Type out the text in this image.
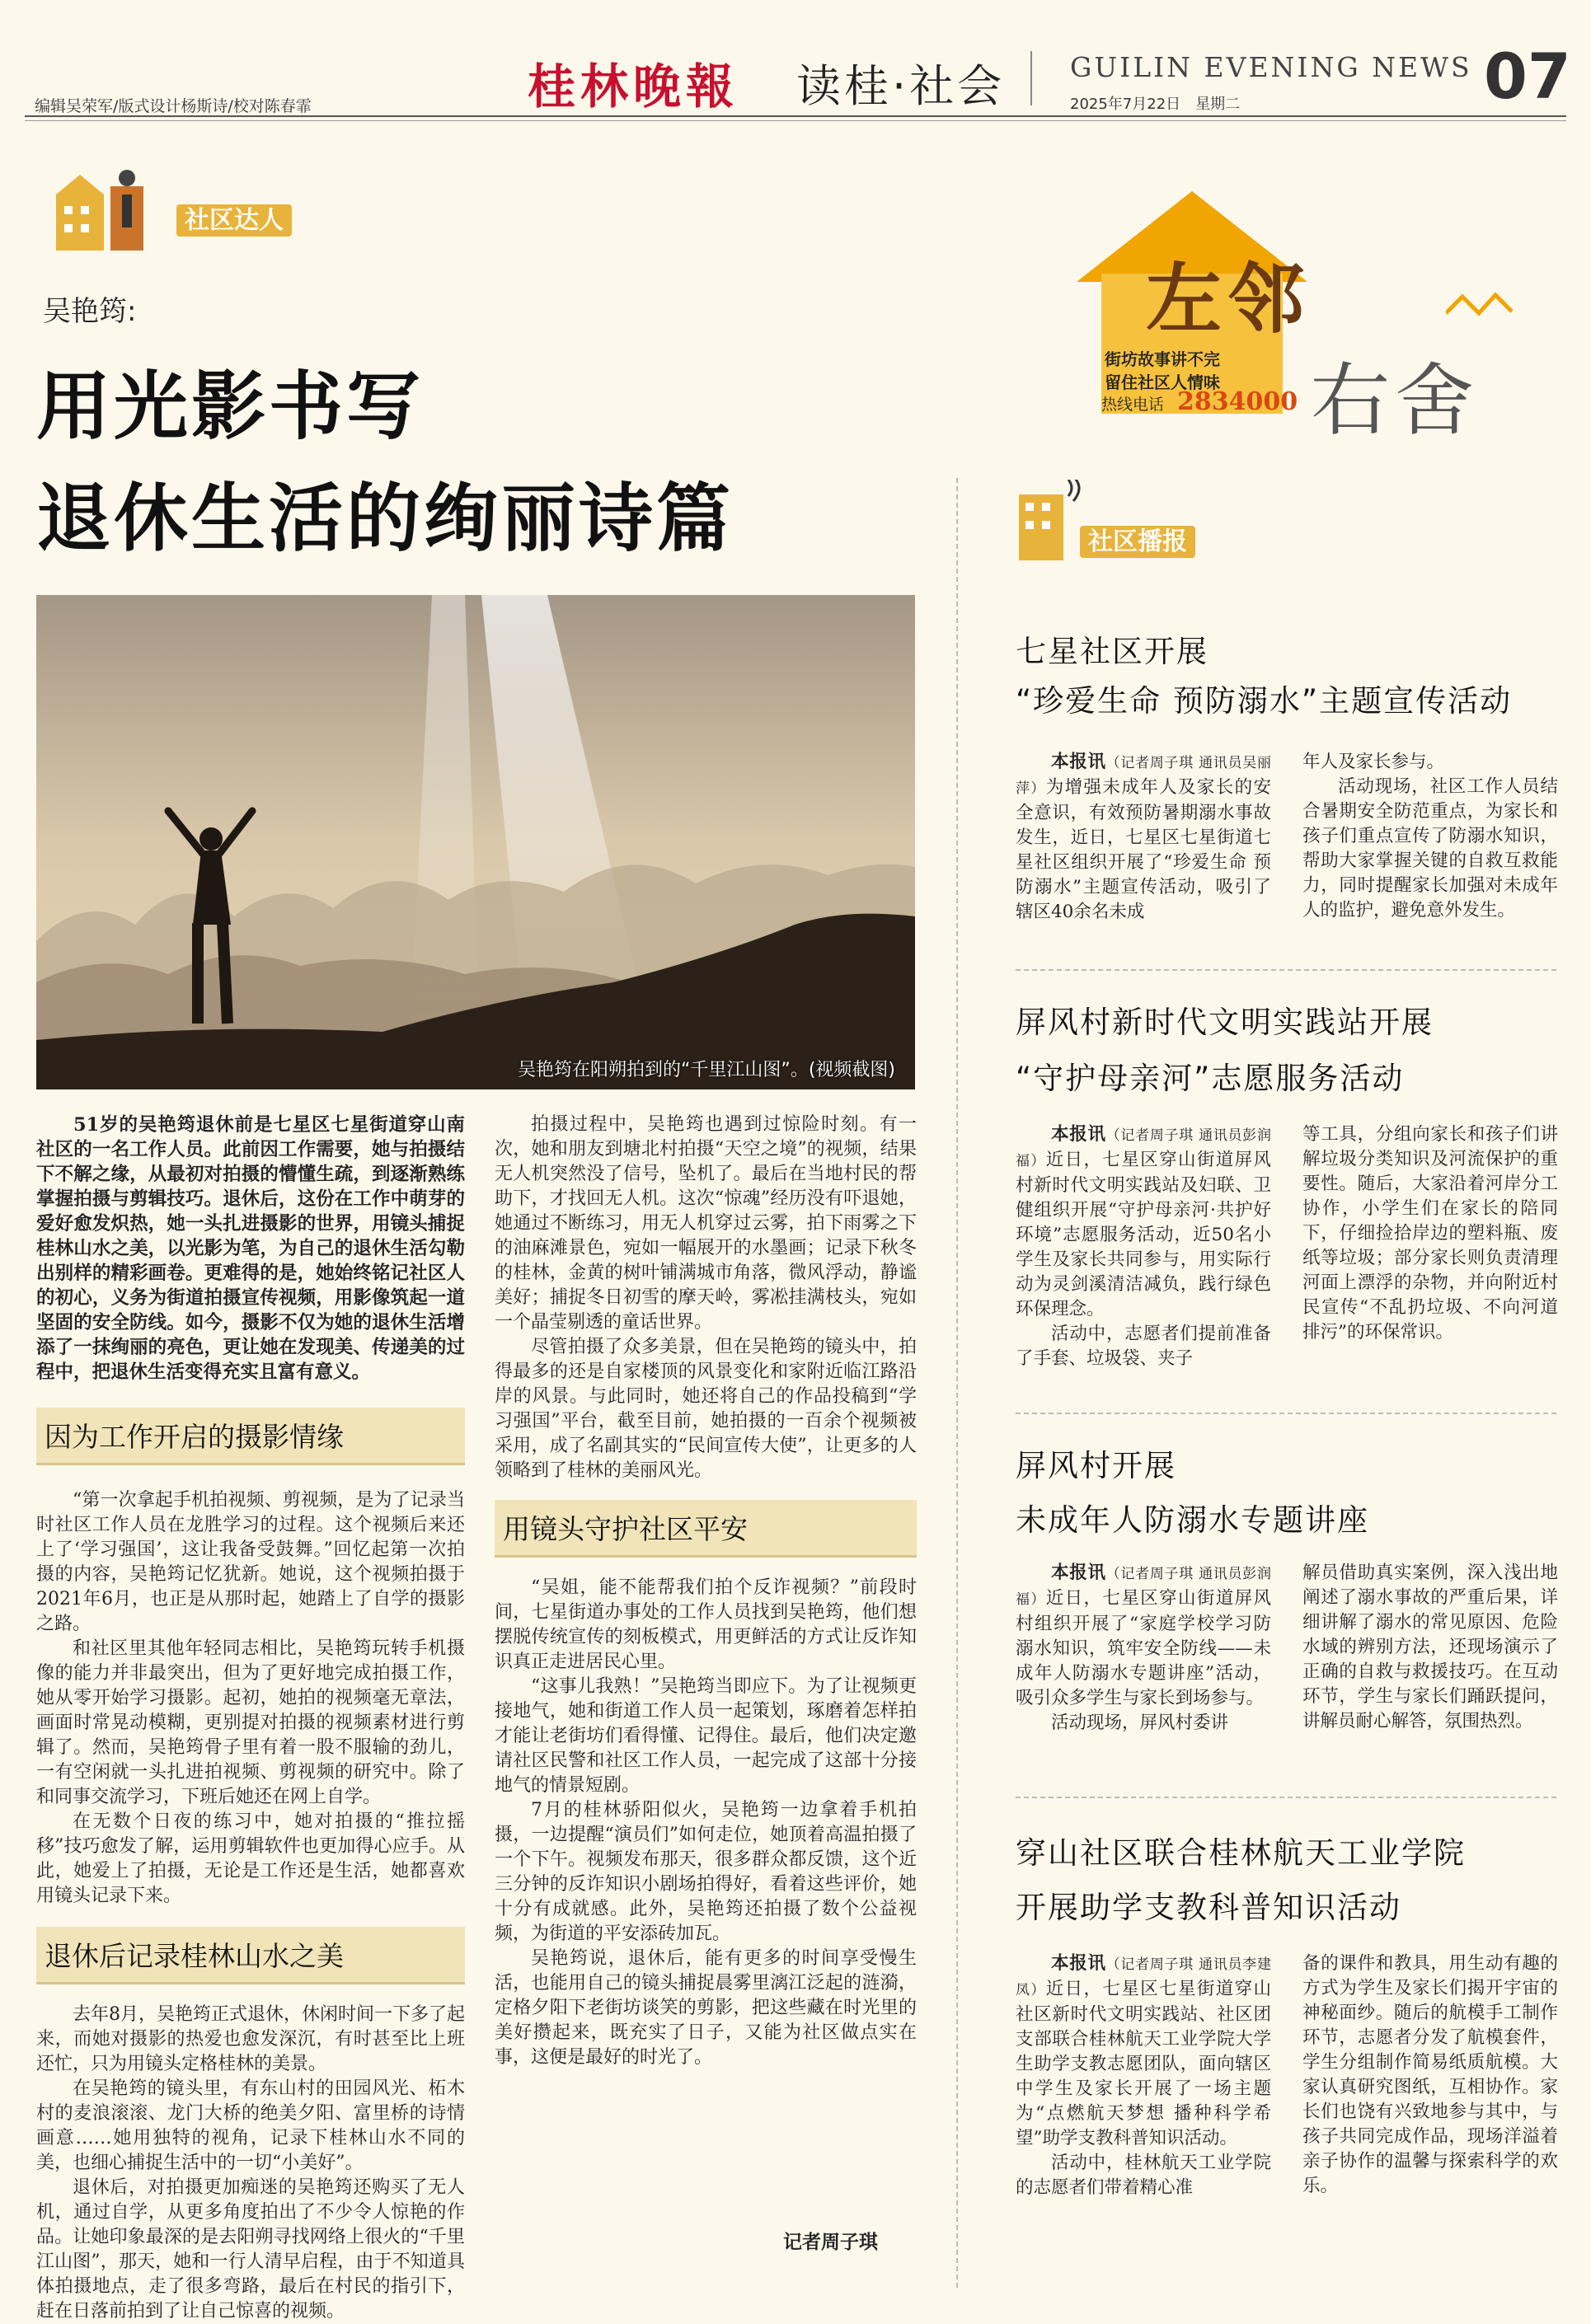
编辑吴荣军/版式设计杨斯诗/校对陈春霏	桂林晚報 读桂·社会 GUILIN EVENING NEWS
2025年7月22日　星期二	07
社区达人
左邻
右舍
街坊故事讲不完
留住社区人情味
热线电话 2834000
吴艳筠:
用光影书写
退休生活的绚丽诗篇
吴艳筠在阳朔拍到的“千里江山图”。(视频截图)

51岁的吴艳筠退休前是七星区七星街道穿山南社区的一名工作人员。此前因工作需要，她与拍摄结下不解之缘，从最初对拍摄的懵懂生疏，到逐渐熟练掌握拍摄与剪辑技巧。退休后，这份在工作中萌芽的爱好愈发炽热，她一头扎进摄影的世界，用镜头捕捉桂林山水之美，以光影为笔，为自己的退休生活勾勒出别样的精彩画卷。更难得的是，她始终铭记社区人的初心，义务为街道拍摄宣传视频，用影像筑起一道坚固的安全防线。如今，摄影不仅为她的退休生活增添了一抹绚丽的亮色，更让她在发现美、传递美的过程中，把退休生活变得充实且富有意义。

因为工作开启的摄影情缘

“第一次拿起手机拍视频、剪视频，是为了记录当时社区工作人员在龙胜学习的过程。这个视频后来还上了‘学习强国’，这让我备受鼓舞。”回忆起第一次拍摄的内容，吴艳筠记忆犹新。她说，这个视频拍摄于2021年6月，也正是从那时起，她踏上了自学的摄影之路。

和社区里其他年轻同志相比，吴艳筠玩转手机摄像的能力并非最突出，但为了更好地完成拍摄工作，她从零开始学习摄影。起初，她拍的视频毫无章法，画面时常晃动模糊，更别提对拍摄的视频素材进行剪辑了。然而，吴艳筠骨子里有着一股不服输的劲儿，一有空闲就一头扎进拍视频、剪视频的研究中。除了和同事交流学习，下班后她还在网上自学。

在无数个日夜的练习中，她对拍摄的“推拉摇移”技巧愈发了解，运用剪辑软件也更加得心应手。从此，她爱上了拍摄，无论是工作还是生活，她都喜欢用镜头记录下来。

退休后记录桂林山水之美

去年8月，吴艳筠正式退休，休闲时间一下多了起来，而她对摄影的热爱也愈发深沉，有时甚至比上班还忙，只为用镜头定格桂林的美景。

在吴艳筠的镜头里，有东山村的田园风光、柘木村的麦浪滚滚、龙门大桥的绝美夕阳、富里桥的诗情画意……她用独特的视角，记录下桂林山水不同的美，也细心捕捉生活中的一切“小美好”。

退休后，对拍摄更加痴迷的吴艳筠还购买了无人机，通过自学，从更多角度拍出了不少令人惊艳的作品。让她印象最深的是去阳朔寻找网络上很火的“千里江山图”，那天，她和一行人清早启程，由于不知道具体拍摄地点，走了很多弯路，最后在村民的指引下，赶在日落前拍到了让自己惊喜的视频。

拍摄过程中，吴艳筠也遇到过惊险时刻。有一次，她和朋友到塘北村拍摄“天空之境”的视频，结果无人机突然没了信号，坠机了。最后在当地村民的帮助下，才找回无人机。这次“惊魂”经历没有吓退她，她通过不断练习，用无人机穿过云雾，拍下雨雾之下的油麻滩景色，宛如一幅展开的水墨画；记录下秋冬的桂林，金黄的树叶铺满城市角落，微风浮动，静谧美好；捕捉冬日初雪的摩天岭，雾凇挂满枝头，宛如一个晶莹剔透的童话世界。

尽管拍摄了众多美景，但在吴艳筠的镜头中，拍得最多的还是自家楼顶的风景变化和家附近临江路沿岸的风景。与此同时，她还将自己的作品投稿到“学习强国”平台，截至目前，她拍摄的一百余个视频被采用，成了名副其实的“民间宣传大使”，让更多的人领略到了桂林的美丽风光。

用镜头守护社区平安

“吴姐，能不能帮我们拍个反诈视频？”前段时间，七星街道办事处的工作人员找到吴艳筠，他们想摆脱传统宣传的刻板模式，用更鲜活的方式让反诈知识真正走进居民心里。

“这事儿我熟！”吴艳筠当即应下。为了让视频更接地气，她和街道工作人员一起策划，琢磨着怎样拍才能让老街坊们看得懂、记得住。最后，他们决定邀请社区民警和社区工作人员，一起完成了这部十分接地气的情景短剧。

7月的桂林骄阳似火，吴艳筠一边拿着手机拍摄，一边提醒“演员们”如何走位，她顶着高温拍摄了一个下午。视频发布那天，很多群众都反馈，这个近三分钟的反诈知识小剧场拍得好，看着这些评价，她十分有成就感。此外，吴艳筠还拍摄了数个公益视频，为街道的平安添砖加瓦。

吴艳筠说，退休后，能有更多的时间享受慢生活，也能用自己的镜头捕捉晨雾里漓江泛起的涟漪，定格夕阳下老街坊谈笑的剪影，把这些藏在时光里的美好攒起来，既充实了日子，又能为社区做点实在事，这便是最好的时光了。

记者周子琪
社区播报
七星社区开展
“珍爱生命 预防溺水”主题宣传活动

本报讯（记者周子琪 通讯员吴丽萍）为增强未成年人及家长的安全意识，有效预防暑期溺水事故发生，近日，七星区七星街道七星社区组织开展了“珍爱生命 预防溺水”主题宣传活动，吸引了辖区40余名未成

年人及家长参与。

活动现场，社区工作人员结合暑期安全防范重点，为家长和孩子们重点宣传了防溺水知识，帮助大家掌握关键的自救互救能力，同时提醒家长加强对未成年人的监护，避免意外发生。

屏风村新时代文明实践站开展
“守护母亲河”志愿服务活动

本报讯（记者周子琪 通讯员彭润福）近日，七星区穿山街道屏风村新时代文明实践站及妇联、卫健组织开展“守护母亲河·共护好环境”志愿服务活动，近50名小学生及家长共同参与，用实际行动为灵剑溪清洁减负，践行绿色环保理念。

活动中，志愿者们提前准备了手套、垃圾袋、夹子

等工具，分组向家长和孩子们讲解垃圾分类知识及河流保护的重要性。随后，大家沿着河岸分工协作，小学生们在家长的陪同下，仔细捡拾岸边的塑料瓶、废纸等垃圾；部分家长则负责清理河面上漂浮的杂物，并向附近村民宣传“不乱扔垃圾、不向河道排污”的环保常识。

屏风村开展
未成年人防溺水专题讲座

本报讯（记者周子琪 通讯员彭润福）近日，七星区穿山街道屏风村组织开展了“家庭学校学习防溺水知识，筑牢安全防线——未成年人防溺水专题讲座”活动，吸引众多学生与家长到场参与。

活动现场，屏风村委讲

解员借助真实案例，深入浅出地阐述了溺水事故的严重后果，详细讲解了溺水的常见原因、危险水域的辨别方法，还现场演示了正确的自救与救援技巧。在互动环节，学生与家长们踊跃提问，讲解员耐心解答，氛围热烈。

穿山社区联合桂林航天工业学院
开展助学支教科普知识活动

本报讯（记者周子琪 通讯员李建凤）近日，七星区七星街道穿山社区新时代文明实践站、社区团支部联合桂林航天工业学院大学生助学支教志愿团队，面向辖区中学生及家长开展了一场主题为“点燃航天梦想 播种科学希望”助学支教科普知识活动。

活动中，桂林航天工业学院的志愿者们带着精心准

备的课件和教具，用生动有趣的方式为学生及家长们揭开宇宙的神秘面纱。随后的航模手工制作环节，志愿者分发了航模套件，学生分组制作简易纸质航模。大家认真研究图纸，互相协作。家长们也饶有兴致地参与其中，与孩子共同完成作品，现场洋溢着亲子协作的温馨与探索科学的欢乐。
